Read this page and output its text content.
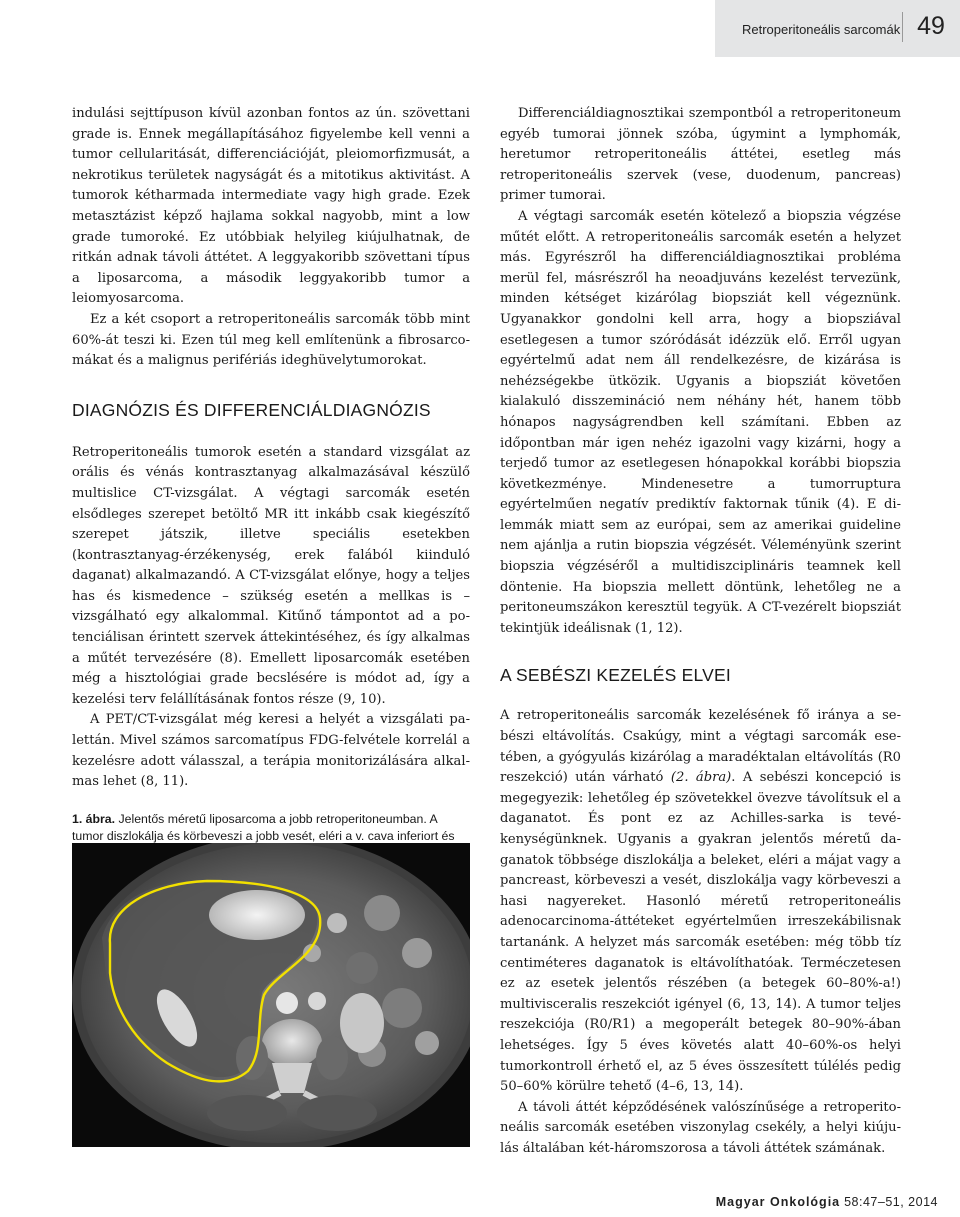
Retroperitoneális sarcomák 49

indulási sejttípuson kívül azonban fontos az ún. szövettani grade is. Ennek megállapításához figyelembe kell venni a tumor cellularitását, differenciációját, pleiomorfizmusát, a nekrotikus területek nagyságát és a mitotikus aktivitást. A tumorok kétharmada intermediate vagy high grade. Ezek metasztázist képző hajlama sokkal nagyobb, mint a low grade tumoroké. Ez utóbbiak helyileg kiújulhatnak, de ritkán adnak távoli áttétet. A leggyakoribb szövettani típus a liposarcoma, a második leggyakoribb tumor a leiomyosarcoma.

Ez a két csoport a retroperitoneális sarcomák több mint 60%-át teszi ki. Ezen túl meg kell említenünk a fibrosarcomákat és a malignus perifériás ideghüvelytumorokat.

DIAGNÓZIS ÉS DIFFERENCIÁLDIAGNÓZIS

Retroperitoneális tumorok esetén a standard vizsgálat az orális és vénás kontrasztanyag alkalmazásával készülő multislice CT-vizsgálat. A végtagi sarcomák esetén elsődleges szerepet betöltő MR itt inkább csak kiegészítő szerepet játszik, illetve speciális esetekben (kontrasztanyag-érzékenység, erek falából kiinduló daganat) alkalmazandó. A CT-vizsgálat előnye, hogy a teljes has és kismedence – szükség esetén a mellkas is – vizsgálható egy alkalommal. Kitűnő támpontot ad a potenciálisan érintett szervek áttekintéséhez, és így alkalmas a műtét tervezésére (8). Emellett liposarcomák esetében még a hisztológiai grade becslésére is módot ad, így a kezelési terv felállításának fontos része (9, 10).

A PET/CT-vizsgálat még keresi a helyét a vizsgálati palettán. Mivel számos sarcomatípus FDG-felvétele korrelál a kezelésre adott válasszal, a terápia monitorizálására alkalmas lehet (8, 11).

1. ábra. Jelentős méretű liposarcoma a jobb retroperitoneumban. A tumor diszlokálja és körbeveszi a jobb vesét, eléri a v. cava inferiort és

Differenciáldiagnosztikai szempontból a retroperitoneum egyéb tumorai jönnek szóba, úgymint a lymphomák, heretumor retroperitoneális áttétei, esetleg más retroperitoneális szervek (vese, duodenum, pancreas) primer tumorai.

A végtagi sarcomák esetén kötelező a biopszia végzése műtét előtt. A retroperitoneális sarcomák esetén a helyzet más. Egyrészről ha differenciáldiagnosztikai probléma merül fel, másrészről ha neoadjuváns kezelést tervezünk, minden kétséget kizárólag biopsziát kell végeznünk. Ugyanakkor gondolni kell arra, hogy a biopsziával esetlegesen a tumor szóródását idézzük elő. Erről ugyan egyértelmű adat nem áll rendelkezésre, de kizárása is nehézségekbe ütközik. Ugyanis a biopsziát követően kialakuló disszemináció nem néhány hét, hanem több hónapos nagyságrendben kell számítani. Ebben az időpontban már igen nehéz igazolni vagy kizárni, hogy a terjedő tumor az esetlegesen hónapokkal korábbi biopszia következménye. Mindenesetre a tumorruptura egyértelműen negatív prediktív faktornak tűnik (4). E dilemmák miatt sem az európai, sem az amerikai guideline nem ajánlja a rutin biopszia végzését. Véleményünk szerint biopszia végzéséről a multidiszciplináris teamnek kell döntenie. Ha biopszia mellett döntünk, lehetőleg ne a peritoneumszákon keresztül tegyük. A CT-vezérelt biopsziát tekintjük ideálisnak (1, 12).

A SEBÉSZI KEZELÉS ELVEI

A retroperitoneális sarcomák kezelésének fő iránya a sebészi eltávolítás. Csakúgy, mint a végtagi sarcomák esetében, a gyógyulás kizárólag a maradéktalan eltávolítás (R0 reszekció) után várható (2. ábra). A sebészi koncepció is megegyezik: lehetőleg ép szövetekkel övezve távolítsuk el a daganatot. És pont ez az Achilles-sarka is tevékenységünknek. Ugyanis a gyakran jelentős méretű daganatok többsége diszlokálja a beleket, eléri a májat vagy a pancreast, körbeveszi a vesét, diszlokálja vagy körbeveszi a hasi nagyereket. Hasonló méretű retroperitoneális adenocarcinoma-áttéteket egyértelműen irreszekábilisnak tartanánk. A helyzet más sarcomák esetében: még több tíz centiméteres daganatok is eltávolíthatóak. Terméсzetesen ez az esetek jelentős részében (a betegek 60–80%-a!) multivisceralis reszekciót igényel (6, 13, 14). A tumor teljes reszekciója (R0/R1) a megoperált betegek 80–90%-ában lehetséges. Így 5 éves követés alatt 40–60%-os helyi tumorkontroll érhető el, az 5 éves összesített túlélés pedig 50–60% körülre tehető (4–6, 13, 14).

A távoli áttét képződésének valószínűsége a retroperitoneális sarcomák esetében viszonylag csekély, a helyi kiújulás általában két-háromszorosa a távoli áttétek számának.

Magyar Onkológia 58:47–51, 2014
